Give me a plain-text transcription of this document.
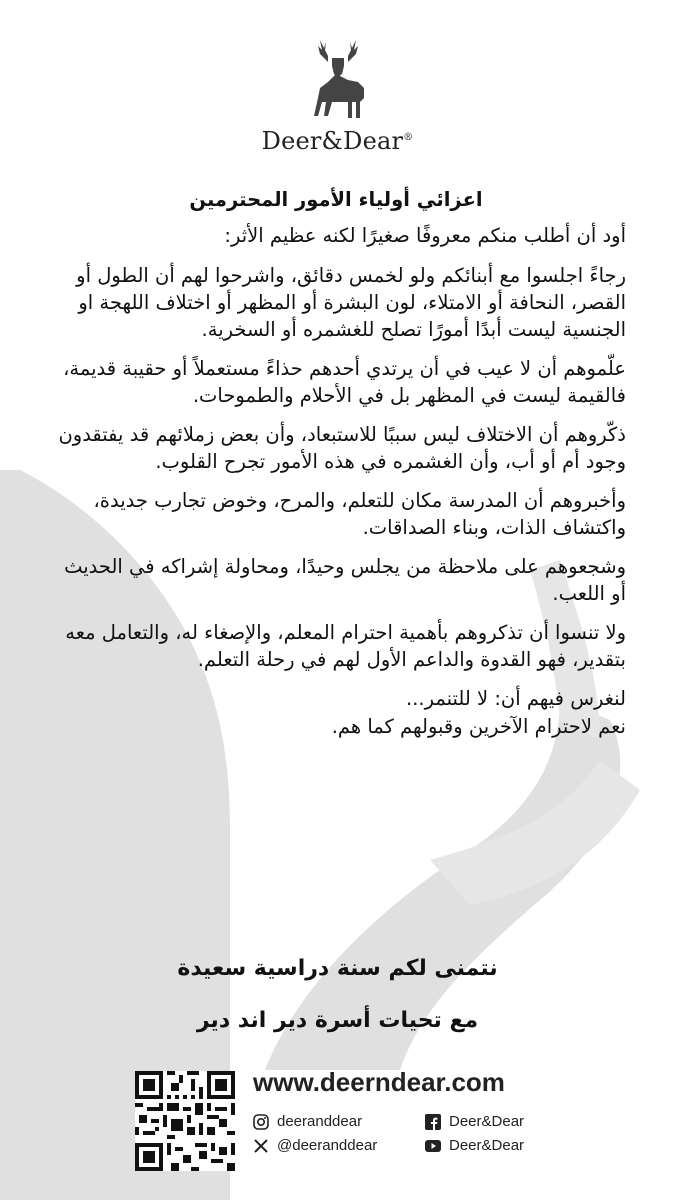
Deer&Dear®
اعزائي أولياء الأمور المحترمين
أود أن أطلب منكم معروفًا صغيرًا لكنه عظيم الأثر:
رجاءً اجلسوا مع أبنائكم ولو لخمس دقائق، واشرحوا لهم أن الطول أو القصر، النحافة أو الامتلاء، لون البشرة أو المظهر أو اختلاف اللهجة او الجنسية ليست أبدًا أمورًا تصلح للغشمره أو السخرية.
علّموهم أن لا عيب في أن يرتدي أحدهم حذاءً مستعملاً أو حقيبة قديمة، فالقيمة ليست في المظهر بل في الأحلام والطموحات.
ذكّروهم أن الاختلاف ليس سببًا للاستبعاد، وأن بعض زملائهم قد يفتقدون وجود أم أو أب، وأن الغشمره في هذه الأمور تجرح القلوب.
وأخبروهم أن المدرسة مكان للتعلم، والمرح، وخوض تجارب جديدة، واكتشاف الذات، وبناء الصداقات.
وشجعوهم على ملاحظة من يجلس وحيدًا، ومحاولة إشراكه في الحديث أو اللعب.
ولا تنسوا أن تذكروهم بأهمية احترام المعلم، والإصغاء له، والتعامل معه بتقدير، فهو القدوة والداعم الأول لهم في رحلة التعلم.
لنغرس فيهم أن: لا للتنمر...
نعم لاحترام الآخرين وقبولهم كما هم.
نتمنى لكم سنة دراسية سعيدة
مع تحيات أسرة دير اند دير
www.deerndear.com
deeranddear
@deeranddear
Deer&Dear
Deer&Dear
